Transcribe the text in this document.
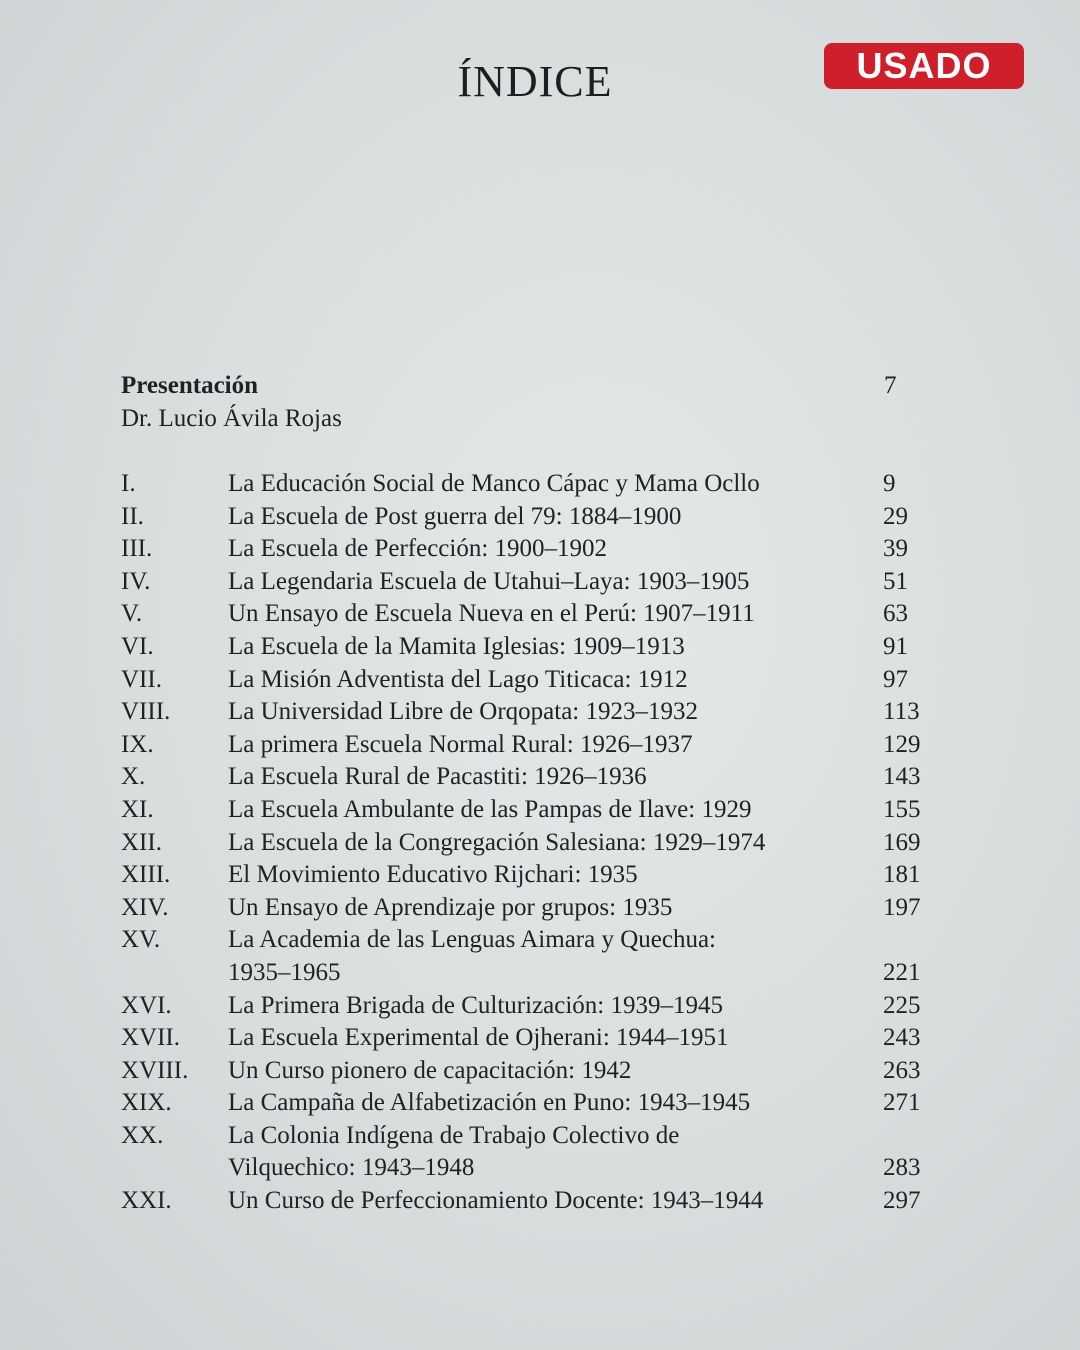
ÍNDICE	USADO
Presentación	7
Dr. Lucio Ávila Rojas
I.	La Educación Social de Manco Cápac y Mama Ocllo	9
II.	La Escuela de Post guerra del 79: 1884–1900	29
III.	La Escuela de Perfección: 1900–1902	39
IV.	La Legendaria Escuela de Utahui–Laya: 1903–1905	51
V.	Un Ensayo de Escuela Nueva en el Perú: 1907–1911	63
VI.	La Escuela de la Mamita Iglesias: 1909–1913	91
VII.	La Misión Adventista del Lago Titicaca: 1912	97
VIII.	La Universidad Libre de Orqopata: 1923–1932	113
IX.	La primera Escuela Normal Rural: 1926–1937	129
X.	La Escuela Rural de Pacastiti: 1926–1936	143
XI.	La Escuela Ambulante de las Pampas de Ilave: 1929	155
XII.	La Escuela de la Congregación Salesiana: 1929–1974	169
XIII.	El Movimiento Educativo Rijchari: 1935	181
XIV.	Un Ensayo de Aprendizaje por grupos: 1935	197
XV.	La Academia de las Lenguas Aimara y Quechua:
1935–1965	221
XVI.	La Primera Brigada de Culturización: 1939–1945	225
XVII.	La Escuela Experimental de Ojherani: 1944–1951	243
XVIII.	Un Curso pionero de capacitación: 1942	263
XIX.	La Campaña de Alfabetización en Puno: 1943–1945	271
XX.	La Colonia Indígena de Trabajo Colectivo de
Vilquechico: 1943–1948	283
XXI.	Un Curso de Perfeccionamiento Docente: 1943–1944	297
